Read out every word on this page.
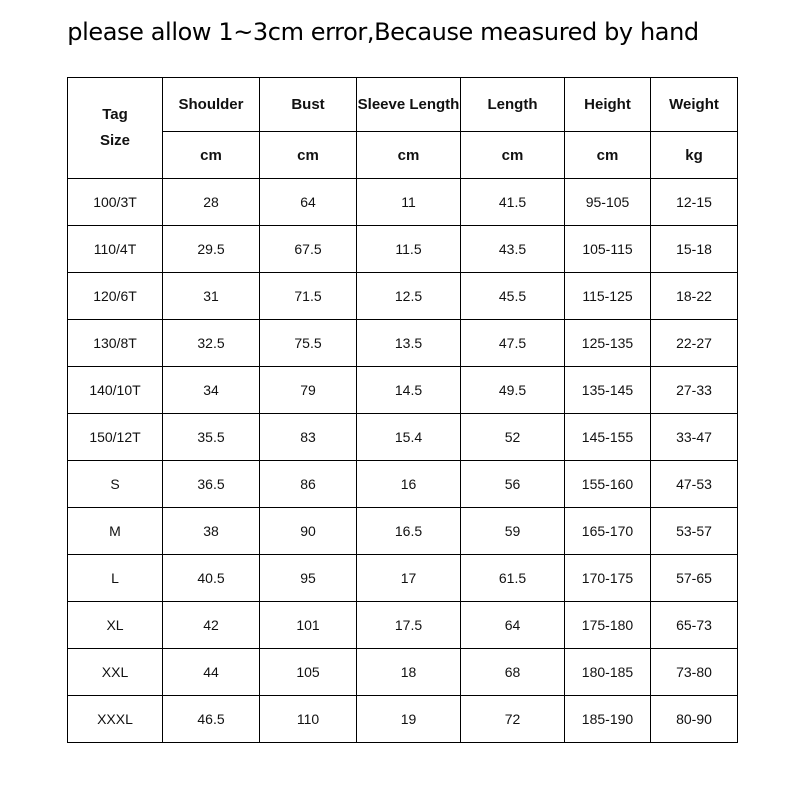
please allow 1~3cm error,Because measured by hand
Tag
Size	Shoulder	Bust	Sleeve Length	Length	Height	Weight
	cm	cm	cm	cm	cm	kg
100/3T	28	64	11	41.5	95-105	12-15
110/4T	29.5	67.5	11.5	43.5	105-115	15-18
120/6T	31	71.5	12.5	45.5	115-125	18-22
130/8T	32.5	75.5	13.5	47.5	125-135	22-27
140/10T	34	79	14.5	49.5	135-145	27-33
150/12T	35.5	83	15.4	52	145-155	33-47
S	36.5	86	16	56	155-160	47-53
M	38	90	16.5	59	165-170	53-57
L	40.5	95	17	61.5	170-175	57-65
XL	42	101	17.5	64	175-180	65-73
XXL	44	105	18	68	180-185	73-80
XXXL	46.5	110	19	72	185-190	80-90
